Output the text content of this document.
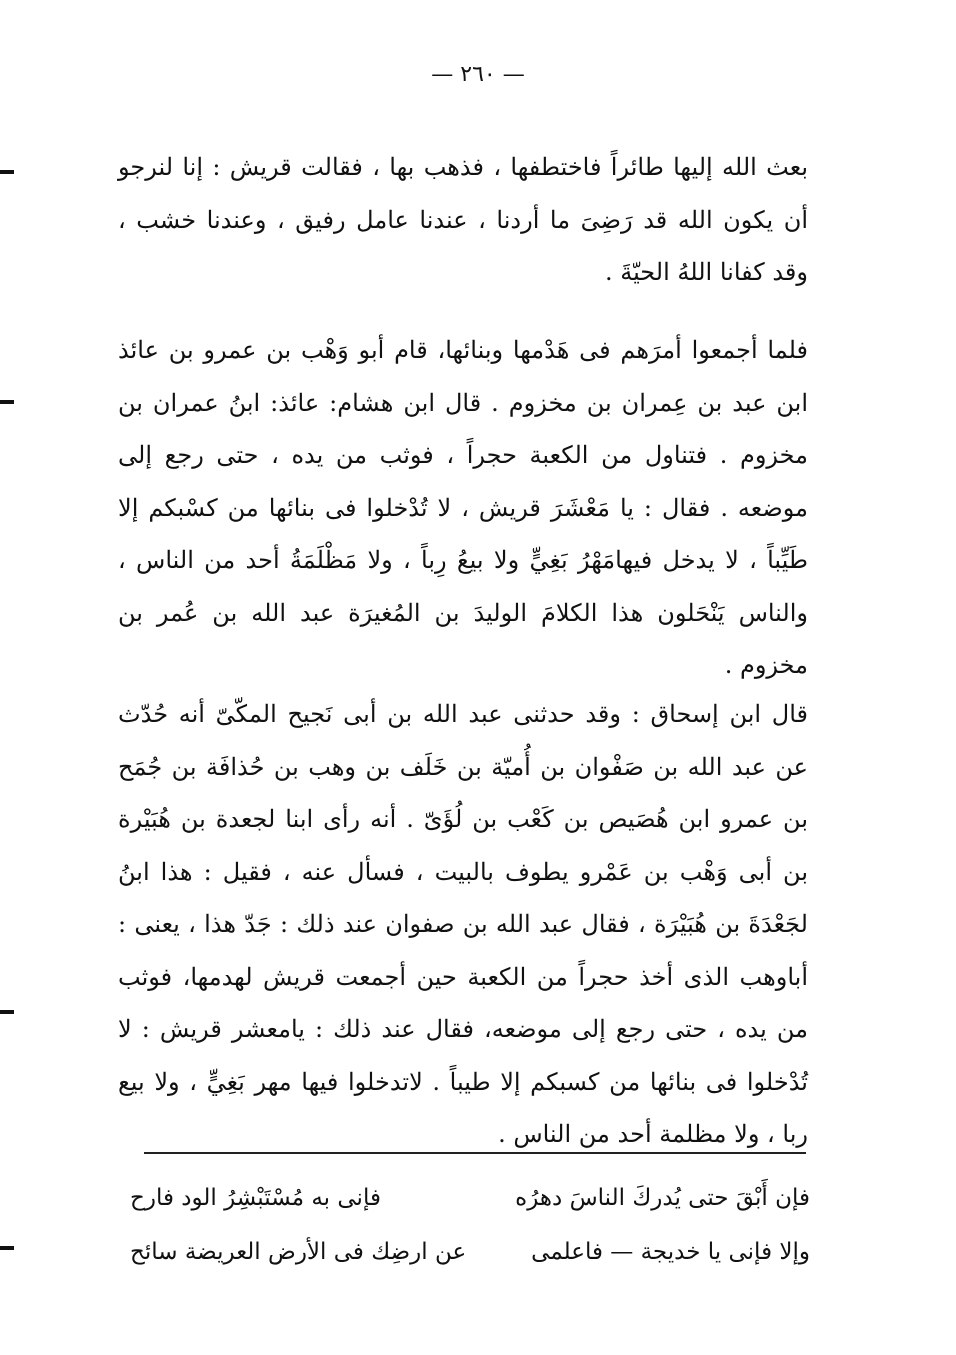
— ٢٦٠ —

بعث الله إليها طائراً فاختطفها ، فذهب بها ، فقالت قريش : إنا لنرجو أن يكون الله قد رَضِىَ ما أردنا ، عندنا عامل رفيق ، وعندنا خشب ، وقد كفانا اللهُ الحيّةَ .

فلما أجمعوا أمرَهم فى هَدْمها وبنائها، قام أبو وَهْب بن عمرو بن عائذ ابن عبد بن عِمران بن مخزوم . قال ابن هشام: عائذ: ابنُ عمران بن مخزوم . فتناول من الكعبة حجراً ، فوثب من يده ، حتى رجع إلى موضعه . فقال : يا مَعْشَرَ قريش ، لا تُدْخلوا فى بنائها من كسْبكم إلا طَيِّباً ، لا يدخل فيهامَهْرُ بَغِيٍّ ولا بيعُ رِباً ، ولا مَظْلَمَةُ أحد من الناس ، والناس يَنْحَلون هذا الكلامَ الوليدَ بن المُغيرَة عبد الله بن عُمر بن مخزوم .

قال ابن إسحاق : وقد حدثنى عبد الله بن أبى نَجيح المكّىّ أنه حُدّث عن عبد الله بن صَفْوان بن أُميّة بن خَلَف بن وهب بن حُذافَة بن جُمَح بن عمرو ابن هُصَيص بن كَعْب بن لُؤَىّ . أنه رأى ابنا لجعدة بن هُبَيْرة بن أبى وَهْب بن عَمْرو يطوف بالبيت ، فسأل عنه ، فقيل : هذا ابنُ لجَعْدَةَ بن هُبَيْرَة ، فقال عبد الله بن صفوان عند ذلك : جَدّ هذا ، يعنى : أباوهب الذى أخذ حجراً من الكعبة حين أجمعت قريش لهدمها، فوثب من يده ، حتى رجع إلى موضعه، فقال عند ذلك : يامعشر قريش : لا تُدْخلوا فى بنائها من كسبكم إلا طيباً . لاتدخلوا فيها مهر بَغِيٍّ ، ولا بيع ربا ، ولا مظلمة أحد من الناس .

فإن أَبْقَ حتى يُدركَ الناسَ دهرُه
فإنى به مُسْتَبْشِرُ الود فارح
وإلا فإنى يا خديجة — فاعلمى
عن ارضِك فى الأرض العريضة سائح
